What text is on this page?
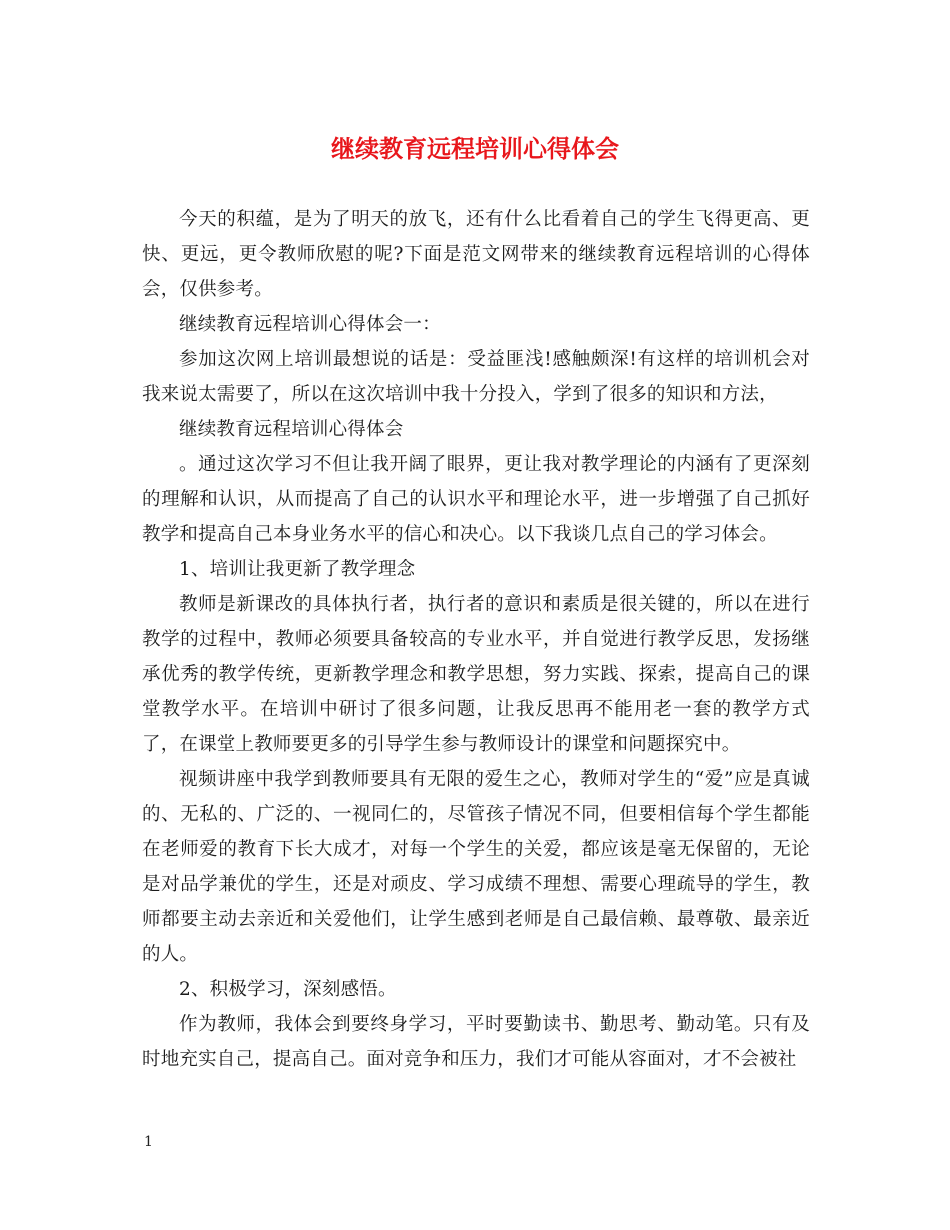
继续教育远程培训心得体会

今天的积蕴，是为了明天的放飞，还有什么比看着自己的学生飞得更高、更快、更远，更令教师欣慰的呢?下面是范文网带来的继续教育远程培训的心得体会，仅供参考。

继续教育远程培训心得体会一：

参加这次网上培训最想说的话是：受益匪浅!感触颇深!有这样的培训机会对我来说太需要了，所以在这次培训中我十分投入，学到了很多的知识和方法，

继续教育远程培训心得体会

。通过这次学习不但让我开阔了眼界，更让我对教学理论的内涵有了更深刻的理解和认识，从而提高了自己的认识水平和理论水平，进一步增强了自己抓好教学和提高自己本身业务水平的信心和决心。以下我谈几点自己的学习体会。

1、培训让我更新了教学理念

教师是新课改的具体执行者，执行者的意识和素质是很关键的，所以在进行教学的过程中，教师必须要具备较高的专业水平，并自觉进行教学反思，发扬继承优秀的教学传统，更新教学理念和教学思想，努力实践、探索，提高自己的课堂教学水平。在培训中研讨了很多问题，让我反思再不能用老一套的教学方式了，在课堂上教师要更多的引导学生参与教师设计的课堂和问题探究中。

视频讲座中我学到教师要具有无限的爱生之心，教师对学生的“爱”应是真诚的、无私的、广泛的、一视同仁的，尽管孩子情况不同，但要相信每个学生都能在老师爱的教育下长大成才，对每一个学生的关爱，都应该是毫无保留的，无论是对品学兼优的学生，还是对顽皮、学习成绩不理想、需要心理疏导的学生，教师都要主动去亲近和关爱他们，让学生感到老师是自己最信赖、最尊敬、最亲近的人。

2、积极学习，深刻感悟。

作为教师，我体会到要终身学习，平时要勤读书、勤思考、勤动笔。只有及时地充实自己，提高自己。面对竞争和压力，我们才可能从容面对，才不会被社

1
